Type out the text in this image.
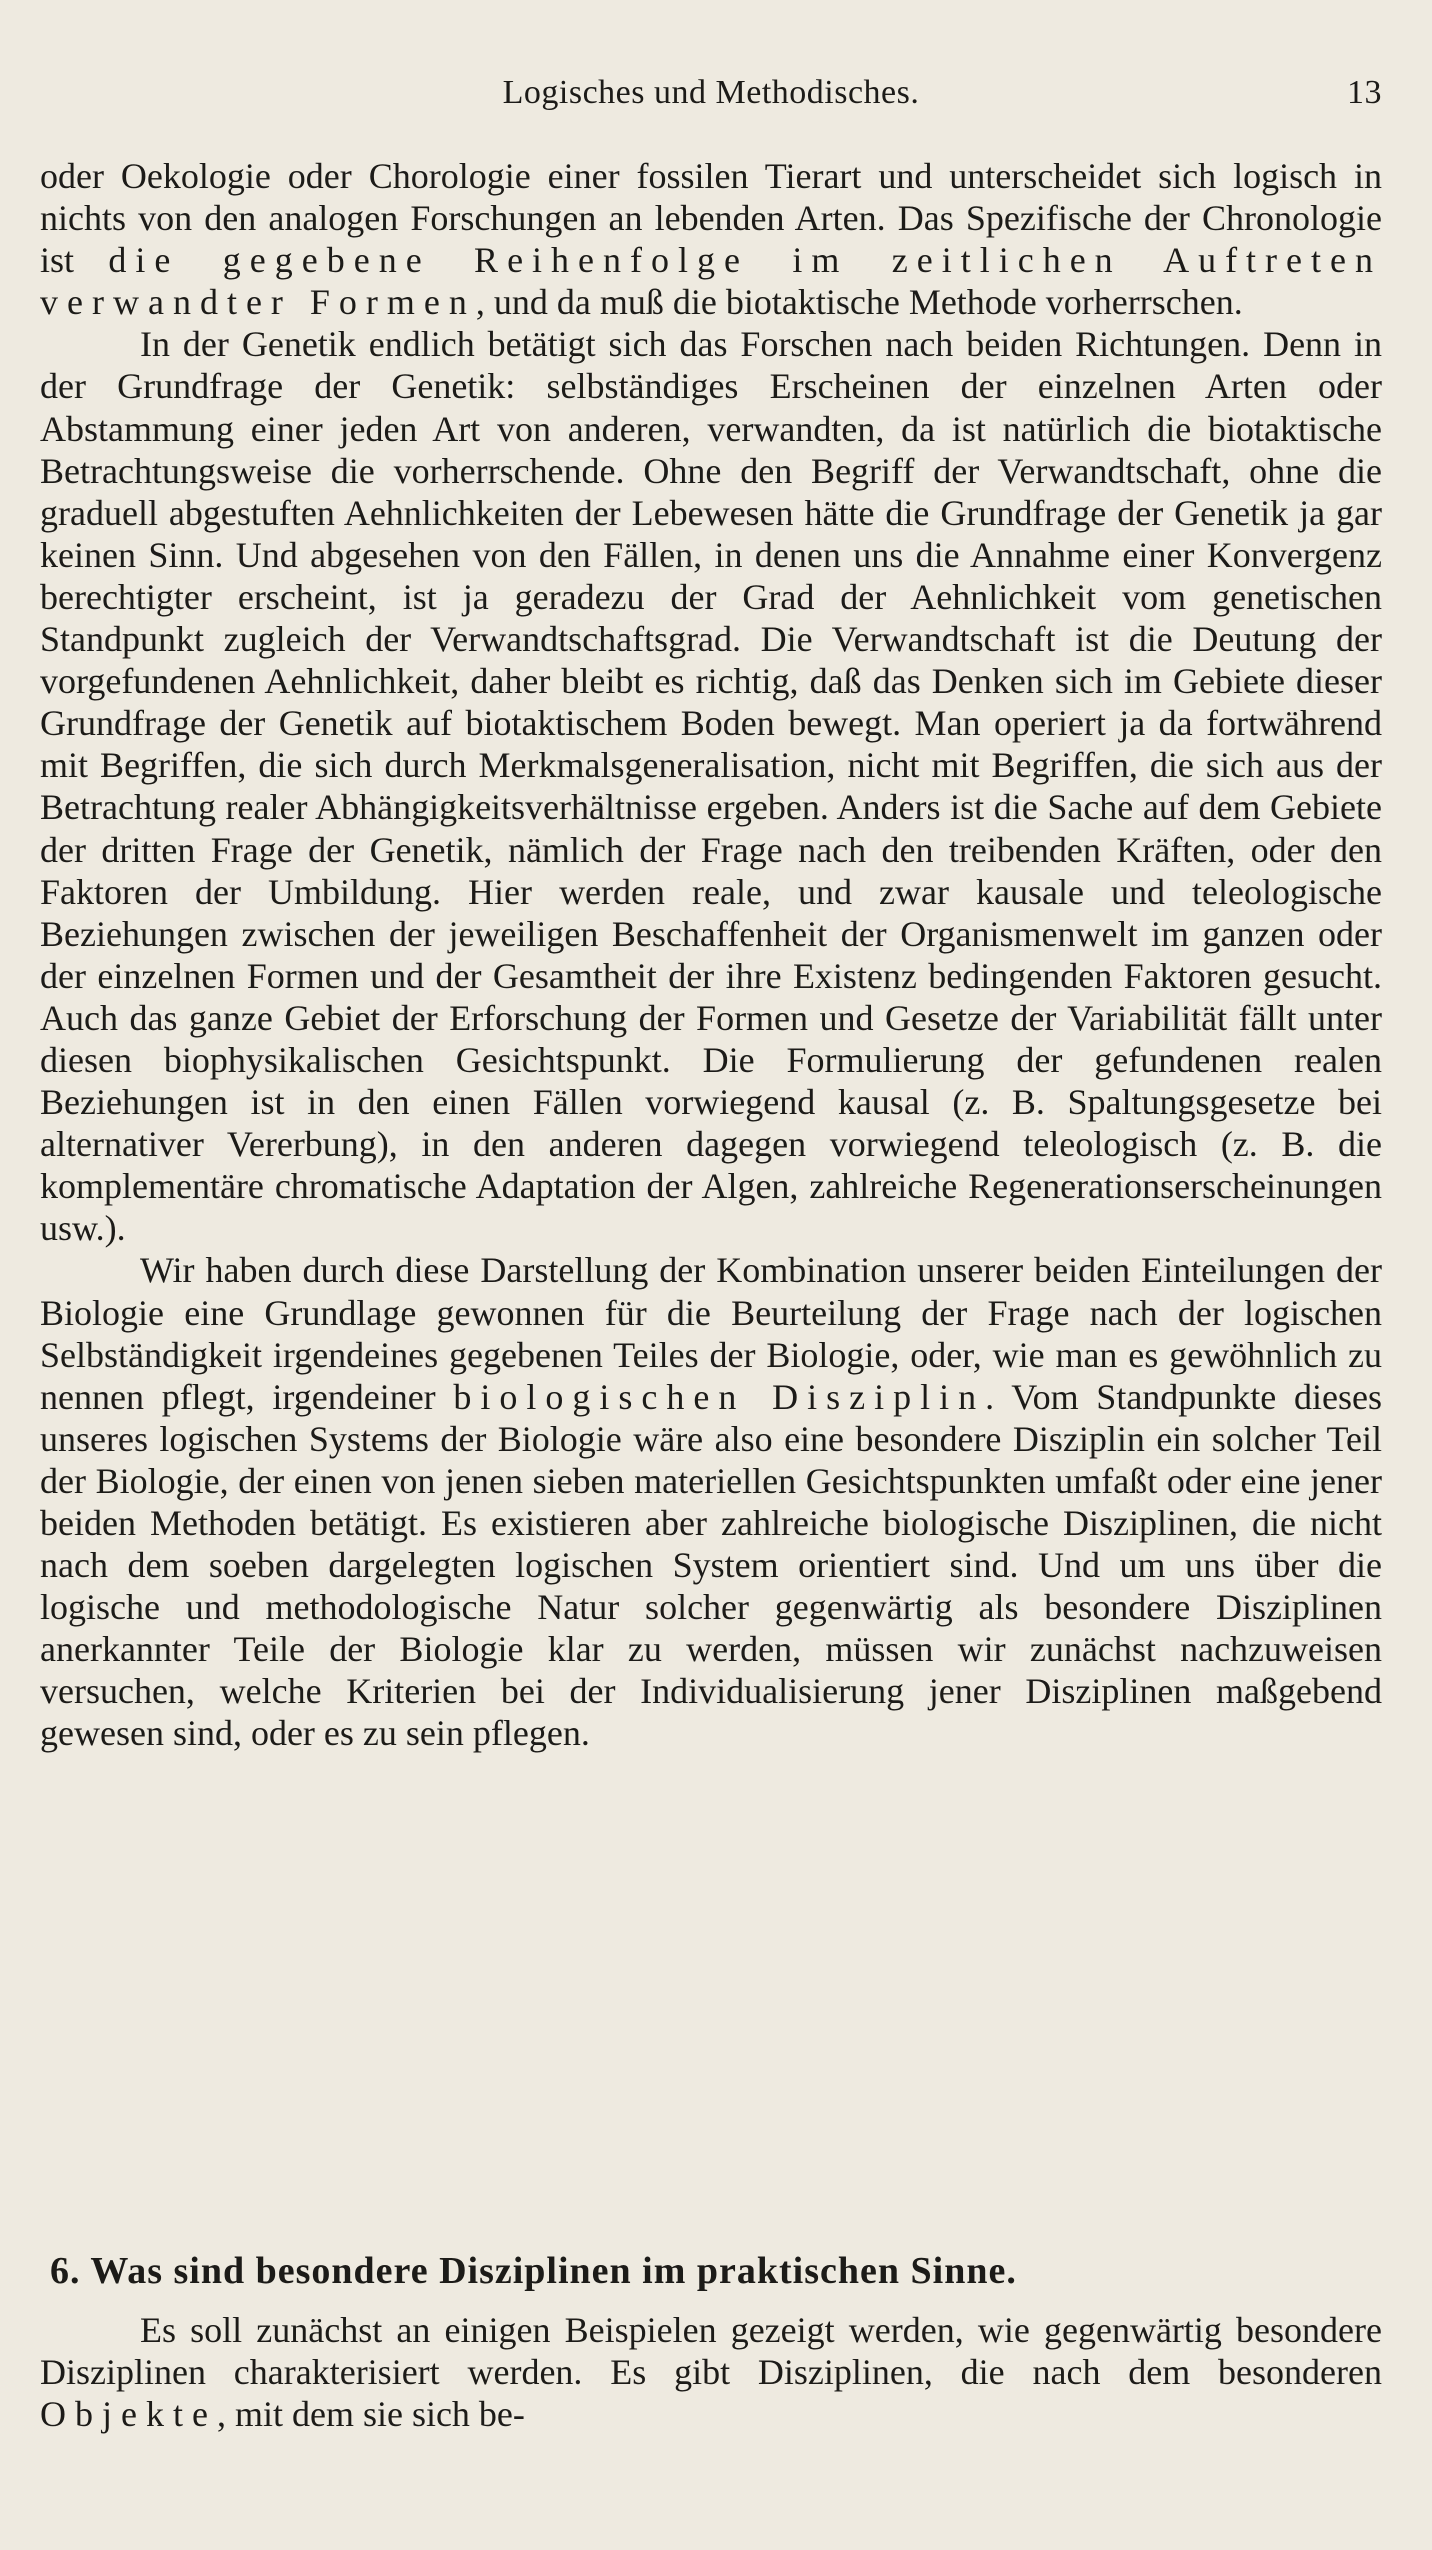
Logisches und Methodisches.	13

oder Oekologie oder Chorologie einer fossilen Tierart und unterscheidet sich logisch in nichts von den analogen Forschungen an lebenden Arten. Das Spezifische der Chronologie ist die gegebene Reihenfolge im zeitlichen Auftreten verwandter Formen, und da muß die biotaktische Methode vorherrschen.

In der Genetik endlich betätigt sich das Forschen nach beiden Richtungen. Denn in der Grundfrage der Genetik: selbständiges Erscheinen der einzelnen Arten oder Abstammung einer jeden Art von anderen, verwandten, da ist natürlich die biotaktische Betrachtungsweise die vorherrschende. Ohne den Begriff der Verwandtschaft, ohne die graduell abgestuften Aehnlichkeiten der Lebewesen hätte die Grundfrage der Genetik ja gar keinen Sinn. Und abgesehen von den Fällen, in denen uns die Annahme einer Konvergenz berechtigter erscheint, ist ja geradezu der Grad der Aehnlichkeit vom genetischen Standpunkt zugleich der Verwandtschaftsgrad. Die Verwandtschaft ist die Deutung der vorgefundenen Aehnlichkeit, daher bleibt es richtig, daß das Denken sich im Gebiete dieser Grundfrage der Genetik auf biotaktischem Boden bewegt. Man operiert ja da fortwährend mit Begriffen, die sich durch Merkmalsgeneralisation, nicht mit Begriffen, die sich aus der Betrachtung realer Abhängigkeitsverhältnisse ergeben. Anders ist die Sache auf dem Gebiete der dritten Frage der Genetik, nämlich der Frage nach den treibenden Kräften, oder den Faktoren der Umbildung. Hier werden reale, und zwar kausale und teleologische Beziehungen zwischen der jeweiligen Beschaffenheit der Organismenwelt im ganzen oder der einzelnen Formen und der Gesamtheit der ihre Existenz bedingenden Faktoren gesucht. Auch das ganze Gebiet der Erforschung der Formen und Gesetze der Variabilität fällt unter diesen biophysikalischen Gesichtspunkt. Die Formulierung der gefundenen realen Beziehungen ist in den einen Fällen vorwiegend kausal (z. B. Spaltungsgesetze bei alternativer Vererbung), in den anderen dagegen vorwiegend teleologisch (z. B. die komplementäre chromatische Adaptation der Algen, zahlreiche Regenerationserscheinungen usw.).

Wir haben durch diese Darstellung der Kombination unserer beiden Einteilungen der Biologie eine Grundlage gewonnen für die Beurteilung der Frage nach der logischen Selbständigkeit irgendeines gegebenen Teiles der Biologie, oder, wie man es gewöhnlich zu nennen pflegt, irgendeiner biologischen Disziplin. Vom Standpunkte dieses unseres logischen Systems der Biologie wäre also eine besondere Disziplin ein solcher Teil der Biologie, der einen von jenen sieben materiellen Gesichtspunkten umfaßt oder eine jener beiden Methoden betätigt. Es existieren aber zahlreiche biologische Disziplinen, die nicht nach dem soeben dargelegten logischen System orientiert sind. Und um uns über die logische und methodologische Natur solcher gegenwärtig als besondere Disziplinen anerkannter Teile der Biologie klar zu werden, müssen wir zunächst nachzuweisen versuchen, welche Kriterien bei der Individualisierung jener Disziplinen maßgebend gewesen sind, oder es zu sein pflegen.

6. Was sind besondere Disziplinen im praktischen Sinne.

Es soll zunächst an einigen Beispielen gezeigt werden, wie gegenwärtig besondere Disziplinen charakterisiert werden. Es gibt Disziplinen, die nach dem besonderen Objekte, mit dem sie sich be-
